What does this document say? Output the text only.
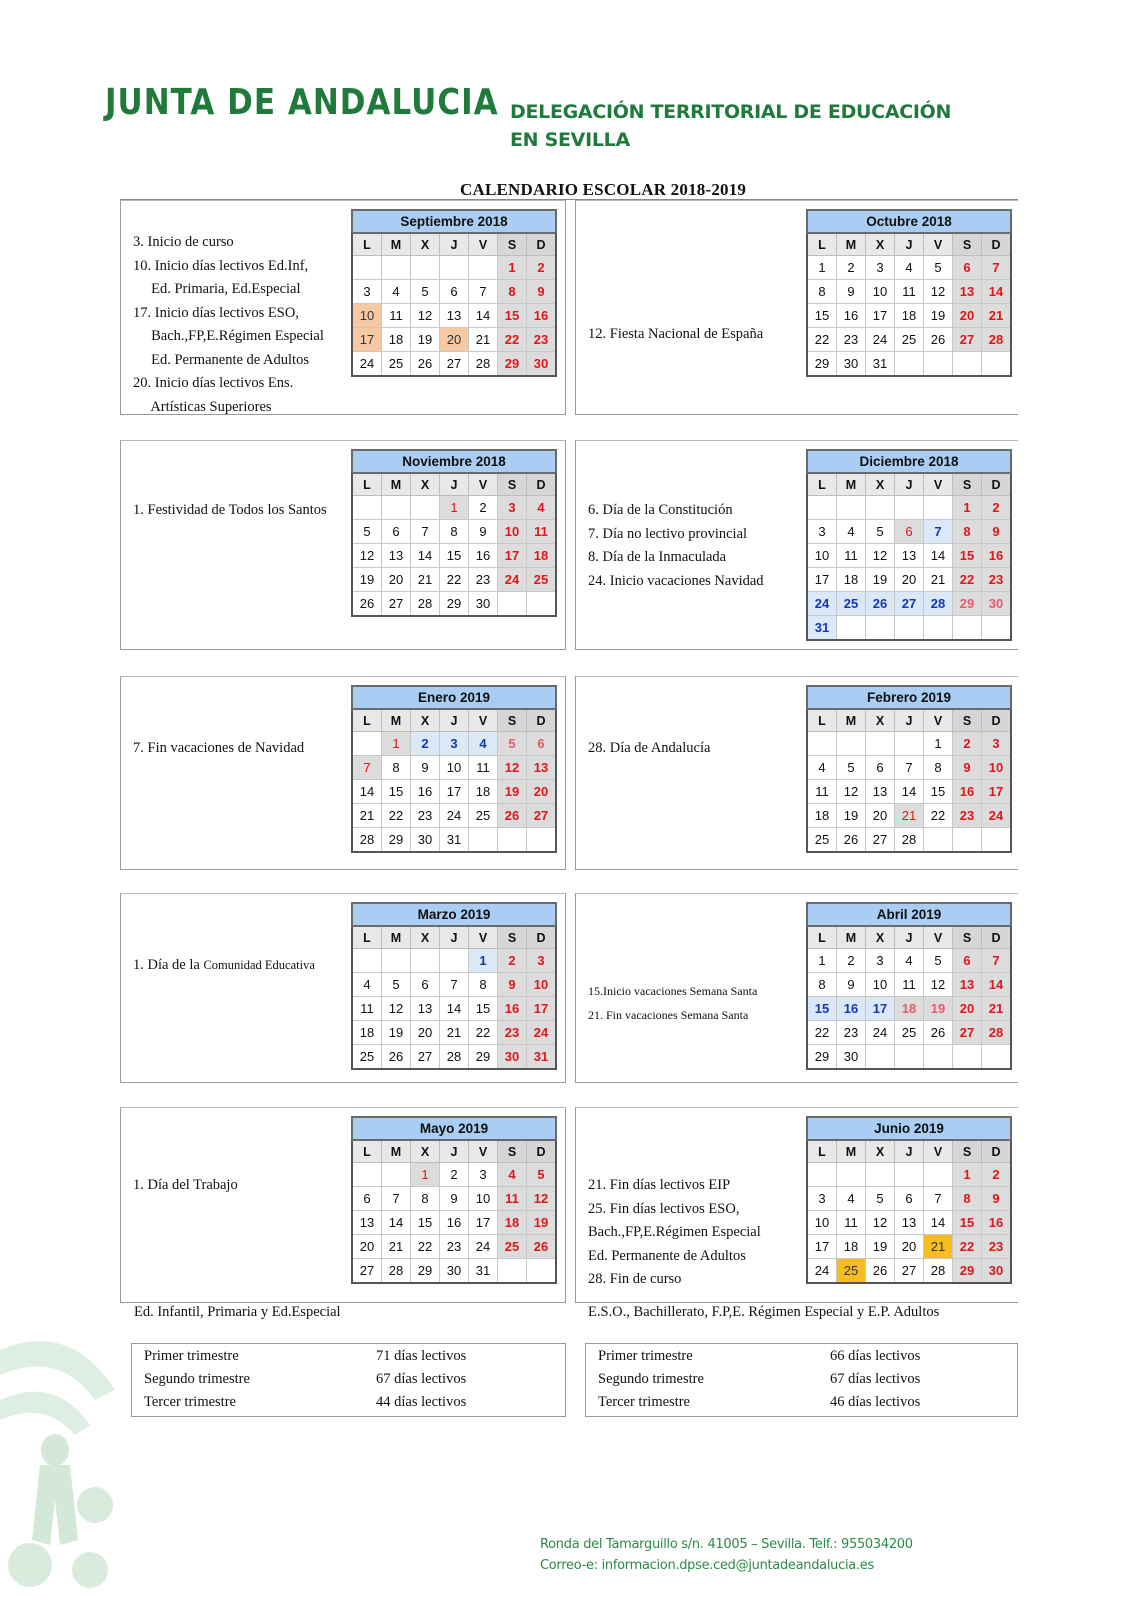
JUNTA DE ANDALUCIA DELEGACIÓN TERRITORIAL DE EDUCACIÓN
EN SEVILLA
CALENDARIO ESCOLAR 2018-2019
3. Inicio de curso
10. Inicio días lectivos Ed.Inf,
Ed. Primaria, Ed.Especial
17. Inicio días lectivos ESO,
Bach.,FP,E.Régimen Especial
Ed. Permanente de Adultos
20. Inicio días lectivos Ens.
Artísticas Superiores
Septiembre 2018						
L	M	X	J	V	S	D
					1	2
3	4	5	6	7	8	9
10	11	12	13	14	15	16
17	18	19	20	21	22	23
24	25	26	27	28	29	30

12. Fiesta Nacional de España
Octubre 2018						
L	M	X	J	V	S	D
1	2	3	4	5	6	7
8	9	10	11	12	13	14
15	16	17	18	19	20	21
22	23	24	25	26	27	28
29	30	31				
1. Festividad de Todos los Santos
Noviembre 2018						
L	M	X	J	V	S	D
			1	2	3	4
5	6	7	8	9	10	11
12	13	14	15	16	17	18
19	20	21	22	23	24	25
26	27	28	29	30		
6. Día de la Constitución
7. Día no lectivo provincial
8. Día de la Inmaculada
24. Inicio vacaciones Navidad
Diciembre 2018						
L	M	X	J	V	S	D
					1	2
3	4	5	6	7	8	9
10	11	12	13	14	15	16
17	18	19	20	21	22	23
24	25	26	27	28	29	30
31						
7. Fin vacaciones de Navidad
Enero 2019						
L	M	X	J	V	S	D
	1	2	3	4	5	6
7	8	9	10	11	12	13
14	15	16	17	18	19	20
21	22	23	24	25	26	27
28	29	30	31			
28. Día de Andalucía
Febrero 2019						
L	M	X	J	V	S	D
				1	2	3
4	5	6	7	8	9	10
11	12	13	14	15	16	17
18	19	20	21	22	23	24
25	26	27	28			
1. Día de la Comunidad Educativa
Marzo 2019						
L	M	X	J	V	S	D
				1	2	3
4	5	6	7	8	9	10
11	12	13	14	15	16	17
18	19	20	21	22	23	24
25	26	27	28	29	30	31
15.Inicio vacaciones Semana Santa
21. Fin vacaciones Semana Santa
Abril 2019						
L	M	X	J	V	S	D
1	2	3	4	5	6	7
8	9	10	11	12	13	14
15	16	17	18	19	20	21
22	23	24	25	26	27	28
29	30					
1. Día del Trabajo
Mayo 2019						
L	M	X	J	V	S	D
		1	2	3	4	5
6	7	8	9	10	11	12
13	14	15	16	17	18	19
20	21	22	23	24	25	26
27	28	29	30	31		
21. Fin días lectivos EIP
25. Fin días lectivos ESO,
Bach.,FP,E.Régimen Especial
Ed. Permanente de Adultos
28. Fin de curso
Junio 2019						
L	M	X	J	V	S	D
					1	2
3	4	5	6	7	8	9
10	11	12	13	14	15	16
17	18	19	20	21	22	23
24	25	26	27	28	29	30
Ed. Infantil, Primaria y Ed.Especial	E.S.O., Bachillerato, F.P,E. Régimen Especial y E.P. Adultos
Primer trimestre	71 días lectivos
Segundo trimestre	67 días lectivos
Tercer trimestre	44 días lectivos
Primer trimestre	66 días lectivos
Segundo trimestre	67 días lectivos
Tercer trimestre	46 días lectivos
Ronda del Tamarguillo s/n. 41005 – Sevilla. Telf.: 955034200
Correo-e: informacion.dpse.ced@juntadeandalucia.es
